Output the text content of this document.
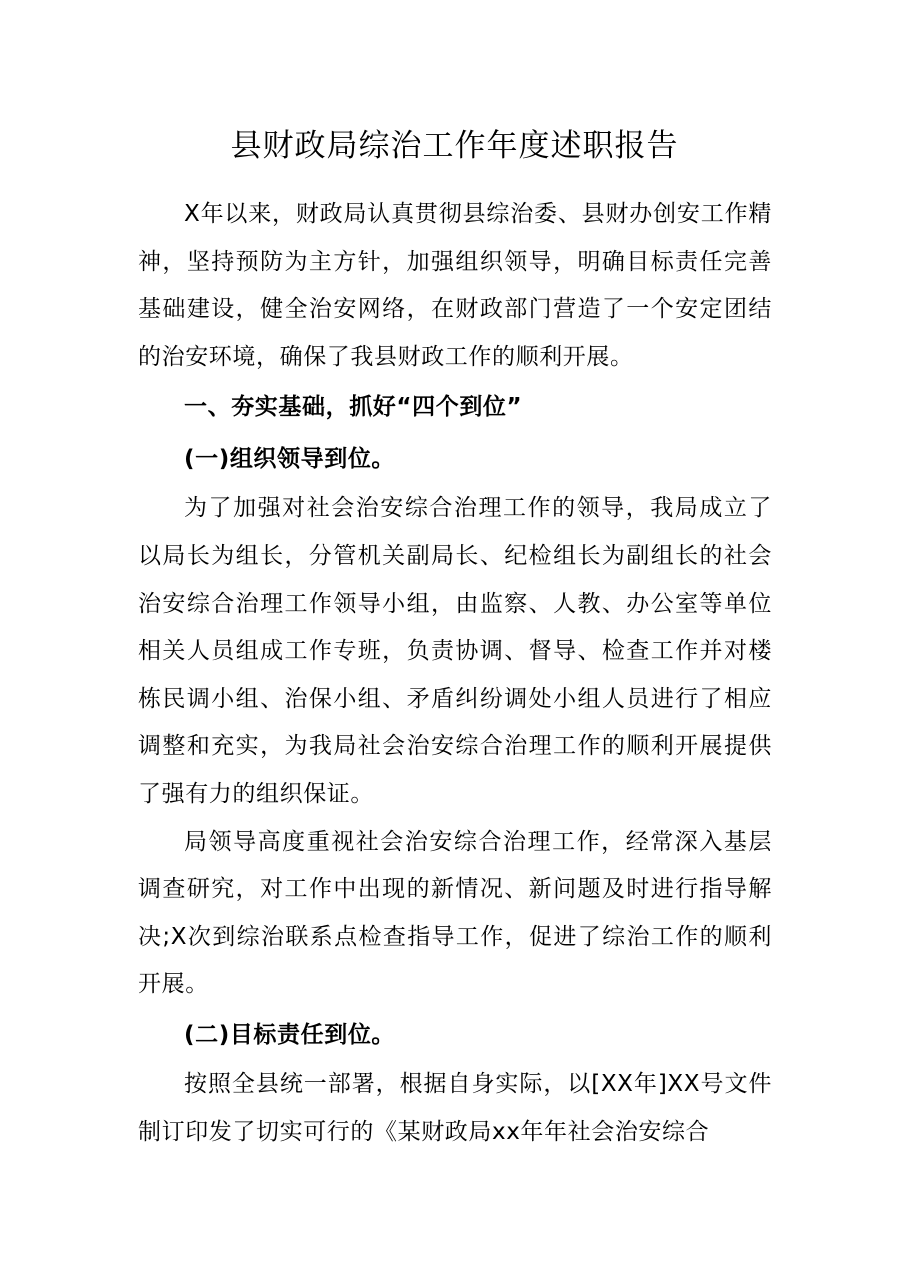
县财政局综治工作年度述职报告

X年以来，财政局认真贯彻县综治委、县财办创安工作精神，坚持预防为主方针，加强组织领导，明确目标责任完善基础建设，健全治安网络，在财政部门营造了一个安定团结的治安环境，确保了我县财政工作的顺利开展。

一、夯实基础，抓好“四个到位”

(一)组织领导到位。

为了加强对社会治安综合治理工作的领导，我局成立了以局长为组长，分管机关副局长、纪检组长为副组长的社会治安综合治理工作领导小组，由监察、人教、办公室等单位相关人员组成工作专班，负责协调、督导、检查工作并对楼栋民调小组、治保小组、矛盾纠纷调处小组人员进行了相应调整和充实，为我局社会治安综合治理工作的顺利开展提供了强有力的组织保证。

局领导高度重视社会治安综合治理工作，经常深入基层调查研究，对工作中出现的新情况、新问题及时进行指导解决;X次到综治联系点检查指导工作，促进了综治工作的顺利开展。

(二)目标责任到位。

按照全县统一部署，根据自身实际，以[XX年]XX号文件制订印发了切实可行的《某财政局xx年年社会治安综合
